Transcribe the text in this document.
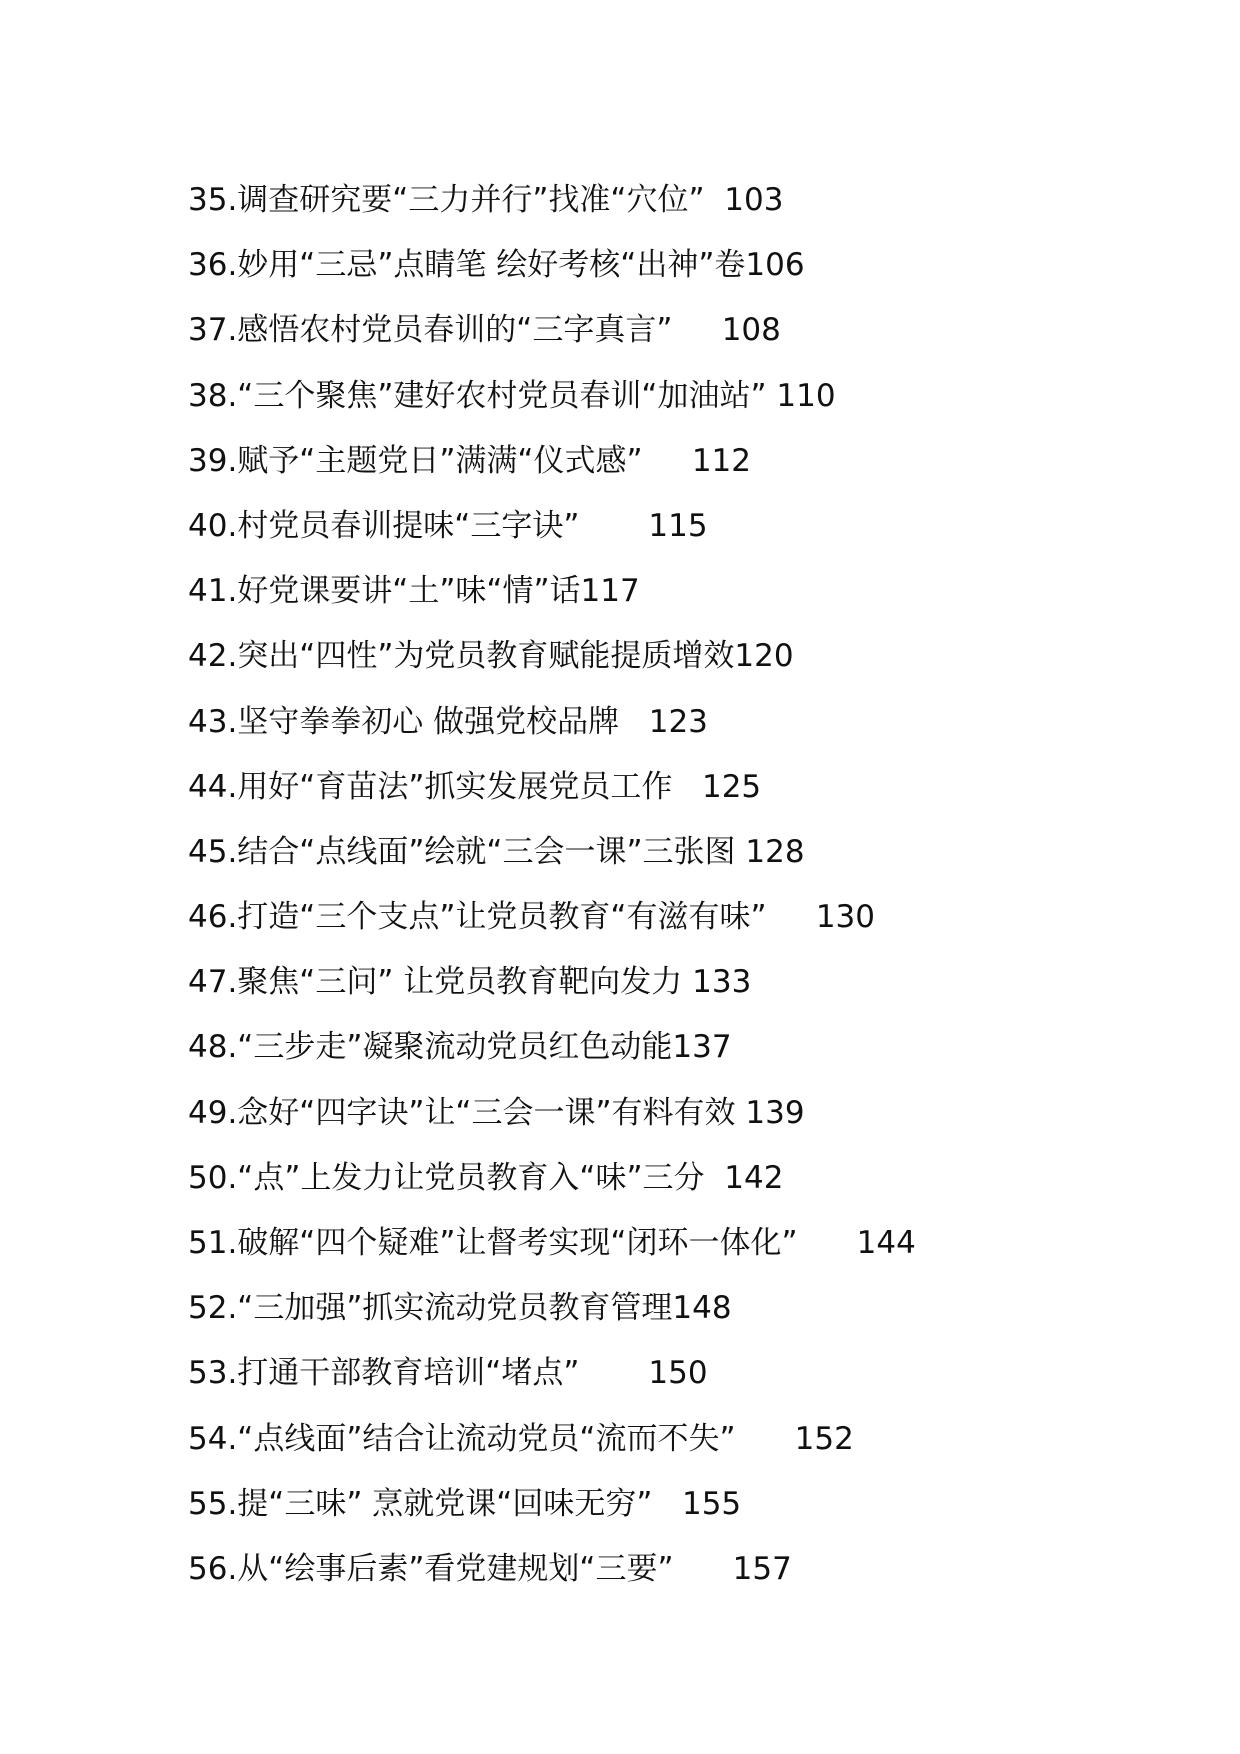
35.调查研究要“三力并行”找准“穴位” 103
36.妙用“三忌”点睛笔 绘好考核“出神”卷106
37.感悟农村党员春训的“三字真言” 108
38.“三个聚焦”建好农村党员春训“加油站” 110
39.赋予“主题党日”满满“仪式感” 112
40.村党员春训提味“三字诀” 115
41.好党课要讲“土”味“情”话117
42.突出“四性”为党员教育赋能提质增效120
43.坚守拳拳初心 做强党校品牌 123
44.用好“育苗法”抓实发展党员工作 125
45.结合“点线面”绘就“三会一课”三张图 128
46.打造“三个支点”让党员教育“有滋有味” 130
47.聚焦“三问” 让党员教育靶向发力 133
48.“三步走”凝聚流动党员红色动能137
49.念好“四字诀”让“三会一课”有料有效 139
50.“点”上发力让党员教育入“味”三分 142
51.破解“四个疑难”让督考实现“闭环一体化” 144
52.“三加强”抓实流动党员教育管理148
53.打通干部教育培训“堵点” 150
54.“点线面”结合让流动党员“流而不失” 152
55.提“三味” 烹就党课“回味无穷” 155
56.从“绘事后素”看党建规划“三要” 157
